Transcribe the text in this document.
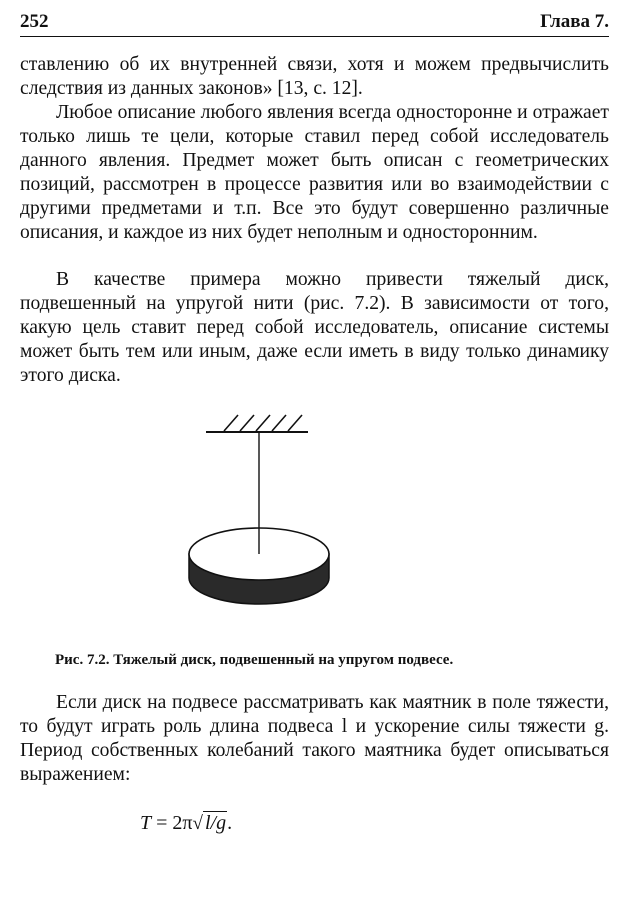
252	Глава 7.

ставлению об их внутренней связи, хотя и можем предвычислить следствия из данных законов» [13, с. 12].

Любое описание любого явления всегда одностороннe и отражает только лишь те цели, которые ставил перед собой исследователь данного явления. Предмет может быть описан с геометрических позиций, рассмотрен в процессе развития или во взаимодействии с другими предметами и т.п. Все это будут совершенно различные описания, и каждое из них будет неполным и односторонним.

В качестве примера можно привести тяжелый диск, подвешенный на упругой нити (рис. 7.2). В зависимости от того, какую цель ставит перед собой исследователь, описание системы может быть тем или иным, даже если иметь в виду только динамику этого диска.

Рис. 7.2. Тяжелый диск, подвешенный на упругом подвесе.

Если диск на подвесе рассматривать как маятник в поле тяжести, то будут играть роль длина подвеса l и ускорение силы тяжести g. Период собственных колебаний такого маятника будет описываться выражением:

T = 2π√l/g.
